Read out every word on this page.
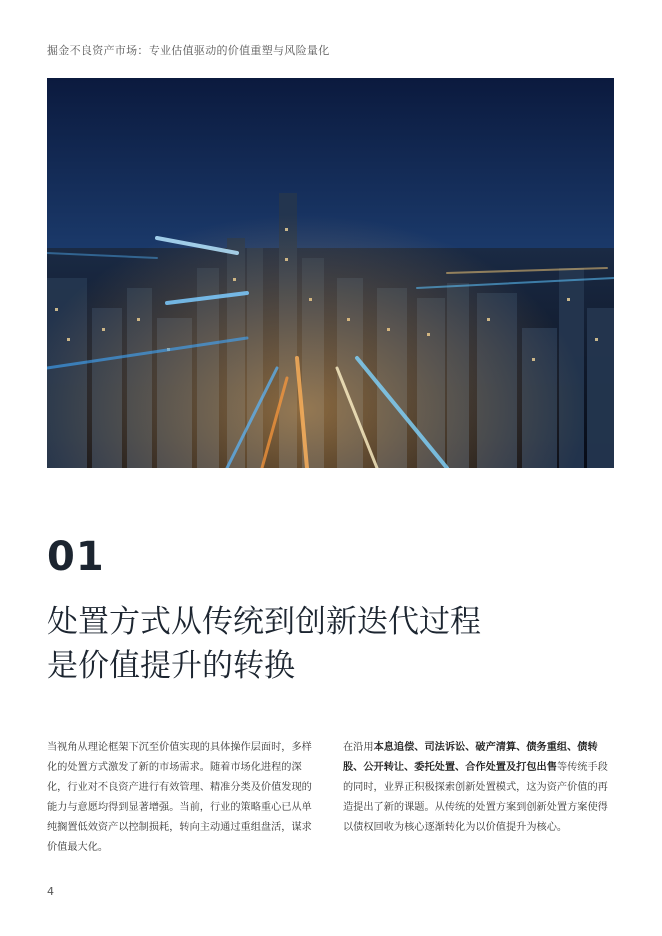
掘金不良资产市场：专业估值驱动的价值重塑与风险量化
01
处置方式从传统到创新迭代过程
是价值提升的转换

当视角从理论框架下沉至价值实现的具体操作层面时，多样化的处置方式激发了新的市场需求。随着市场化进程的深化，行业对不良资产进行有效管理、精准分类及价值发现的能力与意愿均得到显著增强。当前，行业的策略重心已从单纯搁置低效资产以控制损耗，转向主动通过重组盘活，谋求价值最大化。

在沿用本息追偿、司法诉讼、破产清算、债务重组、债转股、公开转让、委托处置、合作处置及打包出售等传统手段的同时，业界正积极探索创新处置模式，这为资产价值的再造提出了新的课题。从传统的处置方案到创新处置方案使得以债权回收为核心逐渐转化为以价值提升为核心。

4
